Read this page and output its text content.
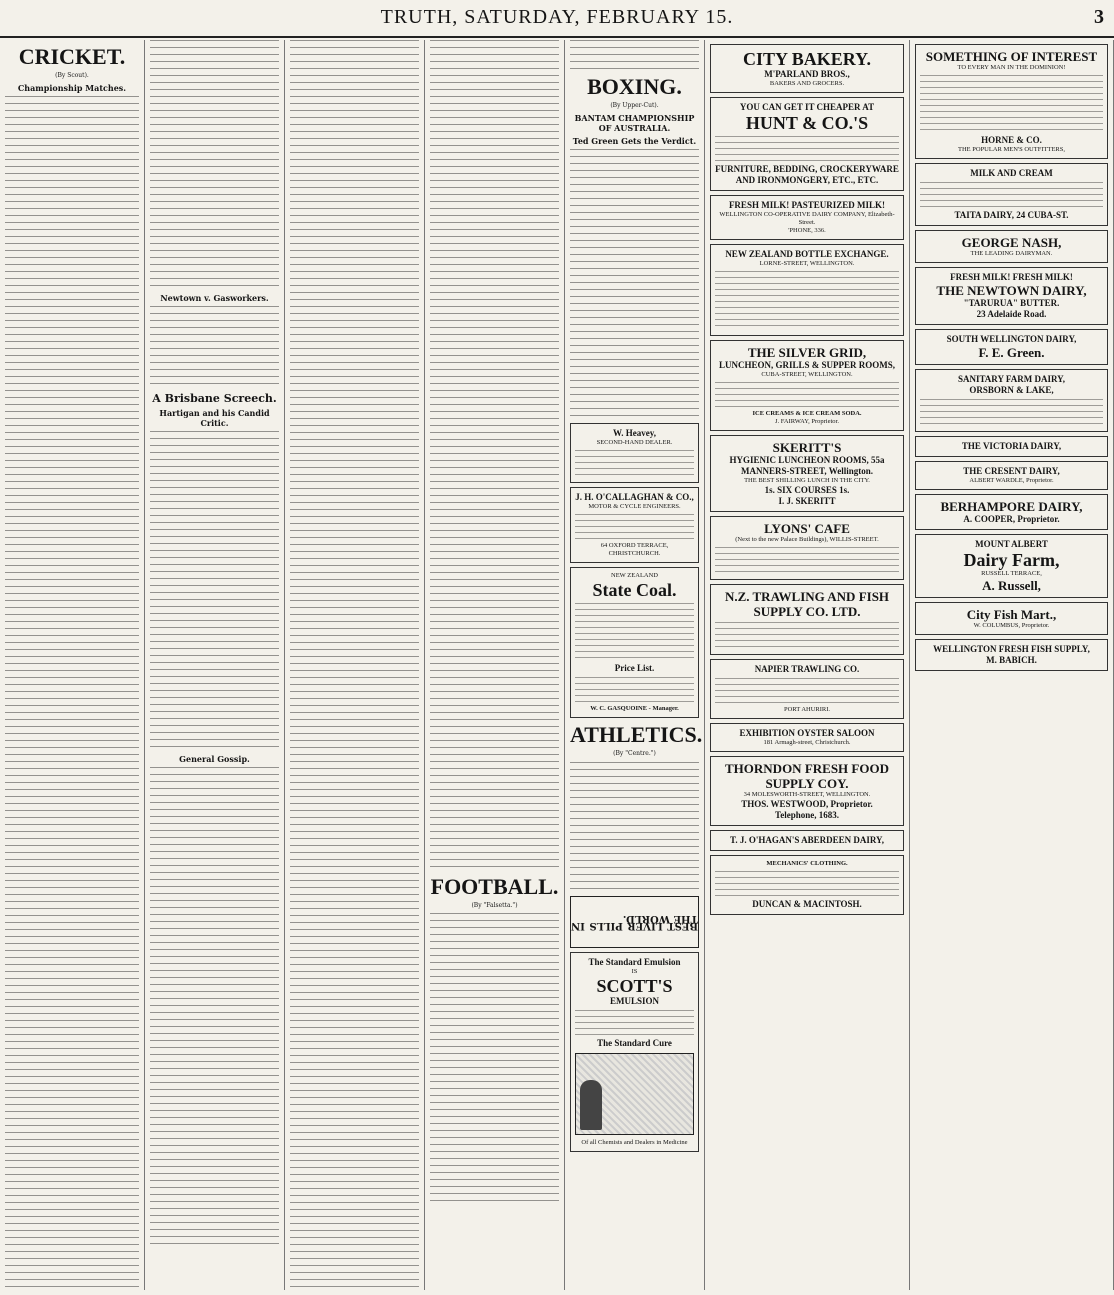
TRUTH, SATURDAY, FEBRUARY 15.	3
CRICKET.
(By Scout).
Championship Matches.
Newtown v. Gasworkers.
A Brisbane Screech.
Hartigan and his Candid Critic.
General Gossip.
FOOTBALL.
(By "Falsetta.")
BOXING.
(By Upper-Cut).
BANTAM CHAMPIONSHIP OF AUSTRALIA.
Ted Green Gets the Verdict.
W. Heavey,
SECOND-HAND DEALER.
J. H. O'CALLAGHAN & CO.,
MOTOR & CYCLE ENGINEERS.
64 OXFORD TERRACE, CHRISTCHURCH.
NEW ZEALAND
State Coal.
Price List.
W. C. GASQUOINE - Manager.
ATHLETICS.
(By "Centre.")
BEST LIVER PILLS IN THE WORLD.
The Standard Emulsion
IS
SCOTT'S
EMULSION
The Standard Cure
Of all Chemists and Dealers in Medicine
CITY BAKERY.
M'PARLAND BROS.,
BAKERS AND GROCERS.
YOU CAN GET IT CHEAPER AT
HUNT & CO.'S
FURNITURE, BEDDING, CROCKERYWARE AND IRONMONGERY, ETC., ETC.
FRESH MILK! PASTEURIZED MILK!
WELLINGTON CO-OPERATIVE DAIRY COMPANY, Elizabeth-Street.
'PHONE, 336.
NEW ZEALAND BOTTLE EXCHANGE.
LORNE-STREET, WELLINGTON.
THE SILVER GRID,
LUNCHEON, GRILLS & SUPPER ROOMS,
CUBA-STREET, WELLINGTON.
ICE CREAMS & ICE CREAM SODA.
J. FAIRWAY, Proprietor.
SKERITT'S
HYGIENIC LUNCHEON ROOMS, 55a MANNERS-STREET, Wellington.
THE BEST SHILLING LUNCH IN THE CITY.
1s. SIX COURSES 1s.
I. J. SKERITT
LYONS' CAFE
(Next to the new Palace Buildings), WILLIS-STREET.
N.Z. TRAWLING AND FISH SUPPLY CO. LTD.
NAPIER TRAWLING CO.
PORT AHURIRI.
EXHIBITION OYSTER SALOON
181 Armagh-street, Christchurch.
THORNDON FRESH FOOD SUPPLY COY.
34 MOLESWORTH-STREET, WELLINGTON.
THOS. WESTWOOD, Proprietor.
Telephone, 1683.
T. J. O'HAGAN'S ABERDEEN DAIRY,
MECHANICS' CLOTHING.
DUNCAN & MACINTOSH.
SOMETHING OF INTEREST
TO EVERY MAN IN THE DOMINION!
HORNE & CO.
THE POPULAR MEN'S OUTFITTERS,
MILK AND CREAM
TAITA DAIRY, 24 CUBA-ST.
GEORGE NASH,
THE LEADING DAIRYMAN.
FRESH MILK! FRESH MILK!
THE NEWTOWN DAIRY,
"TARURUA" BUTTER.
23 Adelaide Road.
SOUTH WELLINGTON DAIRY,
F. E. Green.
SANITARY FARM DAIRY,
ORSBORN & LAKE,
THE VICTORIA DAIRY,
THE CRESENT DAIRY,
ALBERT WARDLE, Proprietor.
BERHAMPORE DAIRY,
A. COOPER, Proprietor.
MOUNT ALBERT
Dairy Farm,
RUSSELL TERRACE,
A. Russell,
City Fish Mart.,
W. COLUMBUS, Proprietor.
WELLINGTON FRESH FISH SUPPLY,
M. BABICH.
